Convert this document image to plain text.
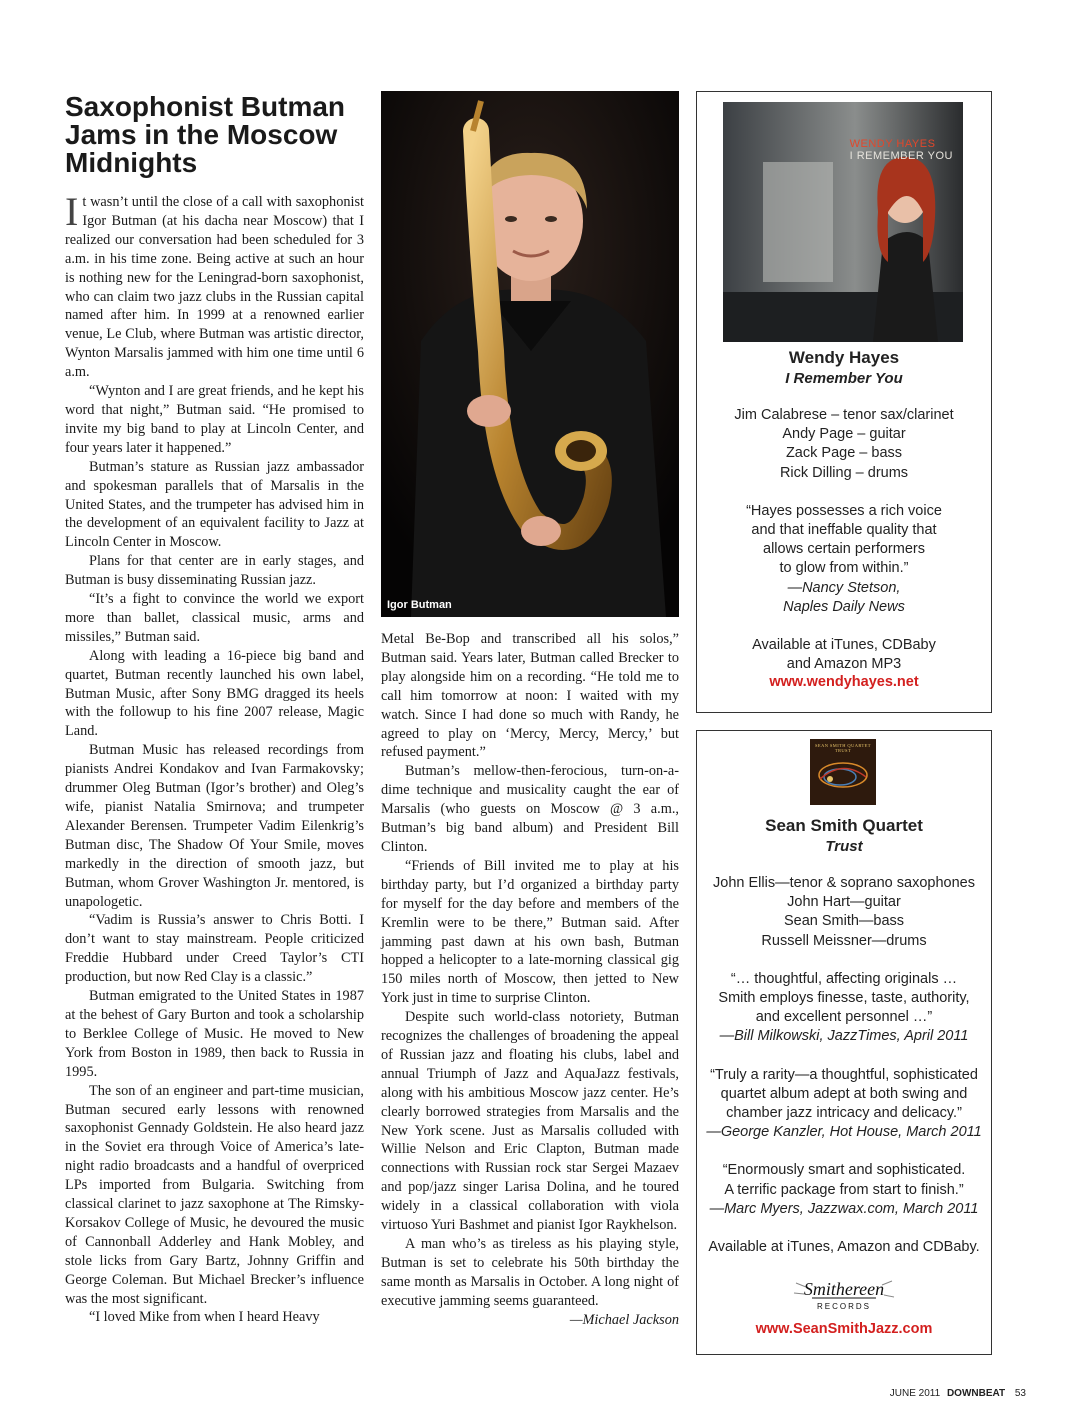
Saxophonist Butman Jams in the Moscow Midnights

It wasn’t until the close of a call with saxophonist Igor Butman (at his dacha near Moscow) that I realized our conversation had been scheduled for 3 a.m. in his time zone. Being active at such an hour is nothing new for the Leningrad-born saxophonist, who can claim two jazz clubs in the Russian capital named after him. In 1999 at a renowned earlier venue, Le Club, where Butman was artistic director, Wynton Marsalis jammed with him one time until 6 a.m.

“Wynton and I are great friends, and he kept his word that night,” Butman said. “He promised to invite my big band to play at Lincoln Center, and four years later it happened.”

Butman’s stature as Russian jazz ambassador and spokesman parallels that of Marsalis in the United States, and the trumpeter has advised him in the development of an equivalent facility to Jazz at Lincoln Center in Moscow.

Plans for that center are in early stages, and Butman is busy disseminating Russian jazz.

“It’s a fight to convince the world we export more than ballet, classical music, arms and missiles,” Butman said.

Along with leading a 16-piece big band and quartet, Butman recently launched his own label, Butman Music, after Sony BMG dragged its heels with the followup to his fine 2007 release, Magic Land.

Butman Music has released recordings from pianists Andrei Kondakov and Ivan Farmakovsky; drummer Oleg Butman (Igor’s brother) and Oleg’s wife, pianist Natalia Smirnova; and trumpeter Alexander Berensen. Trumpeter Vadim Eilenkrig’s Butman disc, The Shadow Of Your Smile, moves markedly in the direction of smooth jazz, but Butman, whom Grover Washington Jr. mentored, is unapologetic.

“Vadim is Russia’s answer to Chris Botti. I don’t want to stay mainstream. People criticized Freddie Hubbard under Creed Taylor’s CTI production, but now Red Clay is a classic.”

Butman emigrated to the United States in 1987 at the behest of Gary Burton and took a scholarship to Berklee College of Music. He moved to New York from Boston in 1989, then back to Russia in 1995.

The son of an engineer and part-time musician, Butman secured early lessons with renowned saxophonist Gennady Goldstein. He also heard jazz in the Soviet era through Voice of America’s late-night radio broadcasts and a handful of overpriced LPs imported from Bulgaria. Switching from classical clarinet to jazz saxophone at The Rimsky-Korsakov College of Music, he devoured the music of Cannonball Adderley and Hank Mobley, and stole licks from Gary Bartz, Johnny Griffin and George Coleman. But Michael Brecker’s influence was the most significant.

“I loved Mike from when I heard Heavy

Igor Butman

Metal Be-Bop and transcribed all his solos,” Butman said. Years later, Butman called Brecker to play alongside him on a recording. “He told me to call him tomorrow at noon: I waited with my watch. Since I had done so much with Randy, he agreed to play on ‘Mercy, Mercy, Mercy,’ but refused payment.”

Butman’s mellow-then-ferocious, turn-on-a-dime technique and musicality caught the ear of Marsalis (who guests on Moscow @ 3 a.m., Butman’s big band album) and President Bill Clinton.

“Friends of Bill invited me to play at his birthday party, but I’d organized a birthday party for myself for the day before and members of the Kremlin were to be there,” Butman said. After jamming past dawn at his own bash, Butman hopped a helicopter to a late-morning classical gig 150 miles north of Moscow, then jetted to New York just in time to surprise Clinton.

Despite such world-class notoriety, Butman recognizes the challenges of broadening the appeal of Russian jazz and floating his clubs, label and annual Triumph of Jazz and AquaJazz festivals, along with his ambitious Moscow jazz center. He’s clearly borrowed strategies from Marsalis and the New York scene. Just as Marsalis colluded with Willie Nelson and Eric Clapton, Butman made connections with Russian rock star Sergei Mazaev and pop/jazz singer Larisa Dolina, and he toured widely in a classical collaboration with viola virtuoso Yuri Bashmet and pianist Igor Raykhelson.

A man who’s as tireless as his playing style, Butman is set to celebrate his 50th birthday the same month as Marsalis in October. A long night of executive jamming seems guaranteed.

—Michael Jackson

WENDY HAYES
I REMEMBER YOU

Wendy Hayes

I Remember You

Jim Calabrese – tenor sax/clarinet

Andy Page – guitar

Zack Page – bass

Rick Dilling – drums

“Hayes possesses a rich voice

and that ineffable quality that

allows certain performers

to glow from within.”

—Nancy Stetson,

Naples Daily News

Available at iTunes, CDBaby

and Amazon MP3

www.wendyhayes.net

SEAN SMITH QUARTET
TRUST

Sean Smith Quartet

Trust

John Ellis—tenor & soprano saxophones

John Hart—guitar

Sean Smith—bass

Russell Meissner—drums

“… thoughtful, affecting originals …

Smith employs finesse, taste, authority,

and excellent personnel …”

—Bill Milkowski, JazzTimes, April 2011

“Truly a rarity—a thoughtful, sophisticated

quartet album adept at both swing and

chamber jazz intricacy and delicacy.”

—George Kanzler, Hot House, March 2011

“Enormously smart and sophisticated.

A terrific package from start to finish.”

—Marc Myers, Jazzwax.com, March 2011

Available at iTunes, Amazon and CDBaby.

Smithereen
RECORDS

www.SeanSmithJazz.com

JUNE 2011 DOWNBEAT 53
